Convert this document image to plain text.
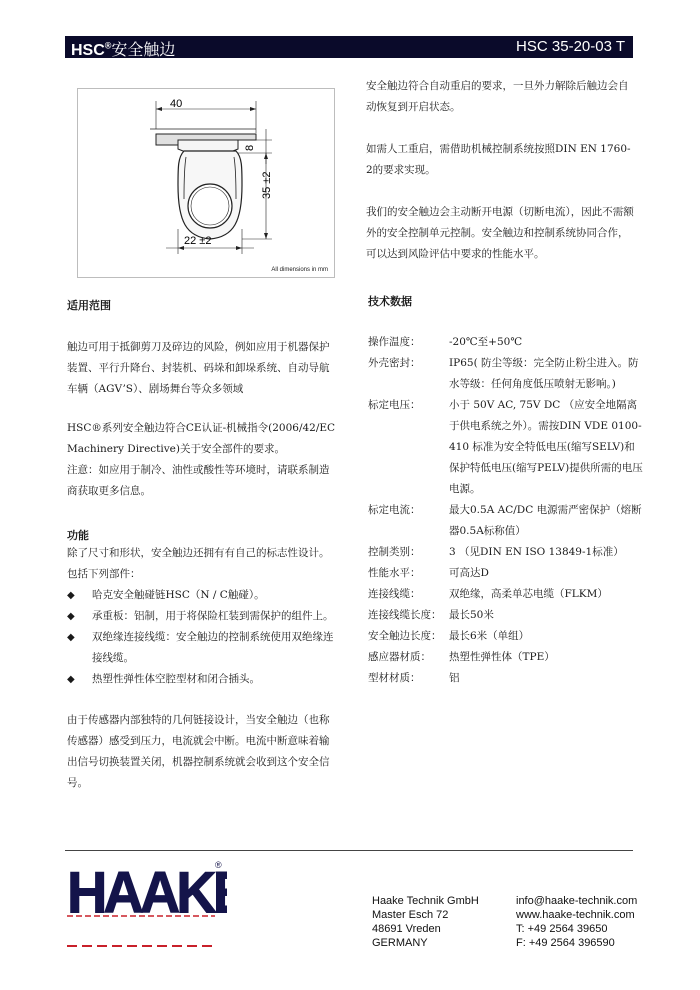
HSC®安全触边	HSC 35-20-03 T
40
8
35 ±2
22 ±2
All dimensions in mm
安全触边符合自动重启的要求，一旦外力解除后触边会自动恢复到开启状态。
如需人工重启，需借助机械控制系统按照DIN EN 1760-2的要求实现。
我们的安全触边会主动断开电源（切断电流），因此不需额外的安全控制单元控制。安全触边和控制系统协同合作，可以达到风险评估中要求的性能水平。
适用范围
触边可用于抵御剪刀及碎边的风险，例如应用于机器保护装置、平行升降台、封装机、码垛和卸垛系统、自动导航车辆（AGV’S）、剧场舞台等众多领域
HSC®系列安全触边符合CE认证-机械指令(2006/42/EC Machinery Directive)关于安全部件的要求。
注意：如应用于制冷、油性或酸性等环境时，请联系制造商获取更多信息。
功能
除了尺寸和形状，安全触边还拥有有自己的标志性设计。包括下列部件：
◆ 哈克安全触碰链HSC（N / C触碰）。
◆ 承重板：铝制，用于将保险杠装到需保护的组件上。
◆ 双绝缘连接线缆：安全触边的控制系统使用双绝缘连接线缆。
◆ 热塑性弹性体空腔型材和闭合插头。
由于传感器内部独特的几何链接设计，当安全触边（也称传感器）感受到压力，电流就会中断。电流中断意味着输出信号切换装置关闭，机器控制系统就会收到这个安全信号。
技术数据
操作温度：	-20℃至+50℃
外壳密封：	IP65( 防尘等级：完全防止粉尘进入。防水等级：任何角度低压喷射无影响。)
标定电压：	小于 50V AC, 75V DC （应安全地隔离于供电系统之外）。需按DIN VDE 0100-410 标准为安全特低电压(缩写SELV)和保护特低电压(缩写PELV)提供所需的电压电源。
标定电流：	最大0.5A AC/DC 电源需严密保护（熔断器0.5A标称值）
控制类别：	3 （见DIN EN ISO 13849-1标准）
性能水平：	可高达D
连接线缆：	双绝缘，高柔单芯电缆（FLKM）
连接线缆长度： 最长50米
安全触边长度： 最长6米（单组）
感应器材质：	热塑性弹性体（TPE）
型材材质：	铝
HAAK ®
Haake Technik GmbH
Master Esch 72
48691 Vreden
GERMANY
info@haake-technik.com
www.haake-technik.com
T: +49 2564 39650
F: +49 2564 396590
